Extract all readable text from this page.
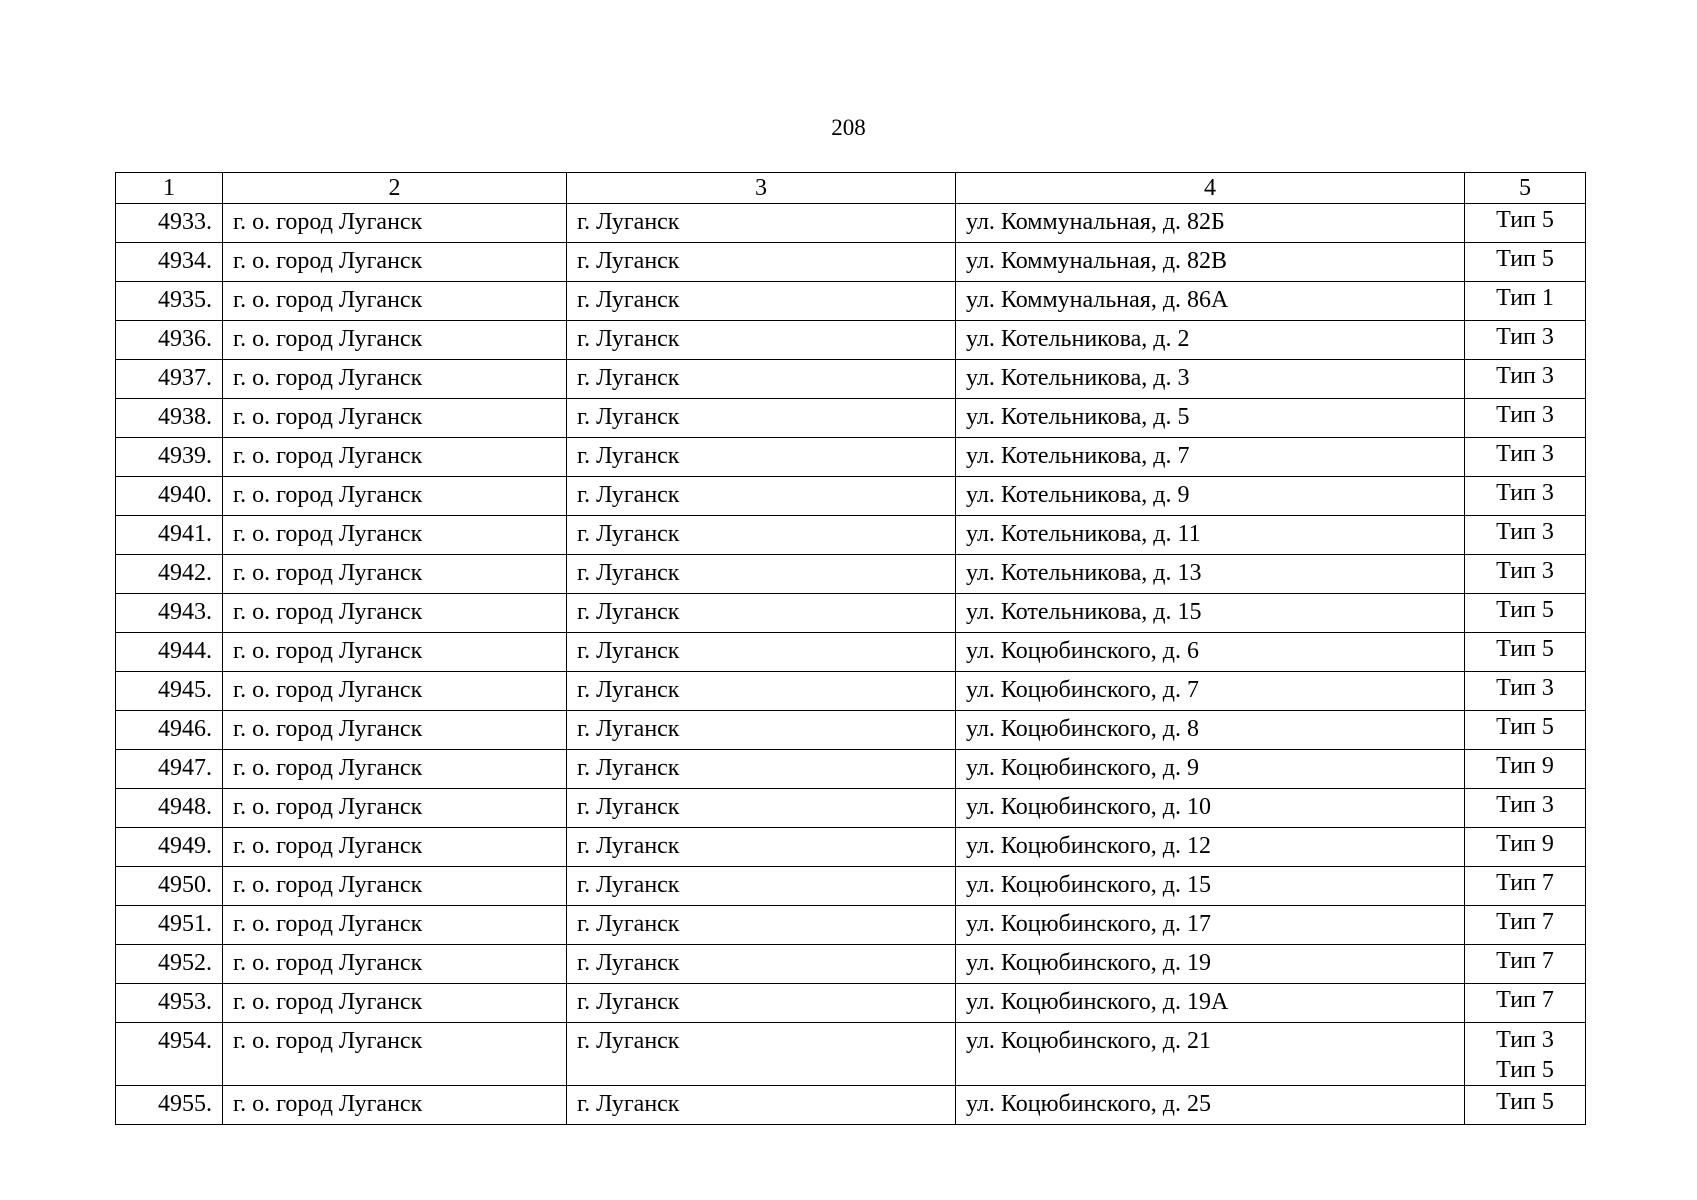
208
1	2	3	4	5
4933.	г. о. город Луганск	г. Луганск	ул. Коммунальная, д. 82Б	Тип 5

4934.	г. о. город Луганск	г. Луганск	ул. Коммунальная, д. 82В	Тип 5

4935.	г. о. город Луганск	г. Луганск	ул. Коммунальная, д. 86А	Тип 1

4936.	г. о. город Луганск	г. Луганск	ул. Котельникова, д. 2	Тип 3

4937.	г. о. город Луганск	г. Луганск	ул. Котельникова, д. 3	Тип 3

4938.	г. о. город Луганск	г. Луганск	ул. Котельникова, д. 5	Тип 3

4939.	г. о. город Луганск	г. Луганск	ул. Котельникова, д. 7	Тип 3

4940.	г. о. город Луганск	г. Луганск	ул. Котельникова, д. 9	Тип 3

4941.	г. о. город Луганск	г. Луганск	ул. Котельникова, д. 11	Тип 3

4942.	г. о. город Луганск	г. Луганск	ул. Котельникова, д. 13	Тип 3

4943.	г. о. город Луганск	г. Луганск	ул. Котельникова, д. 15	Тип 5

4944.	г. о. город Луганск	г. Луганск	ул. Коцюбинского, д. 6	Тип 5

4945.	г. о. город Луганск	г. Луганск	ул. Коцюбинского, д. 7	Тип 3

4946.	г. о. город Луганск	г. Луганск	ул. Коцюбинского, д. 8	Тип 5

4947.	г. о. город Луганск	г. Луганск	ул. Коцюбинского, д. 9	Тип 9

4948.	г. о. город Луганск	г. Луганск	ул. Коцюбинского, д. 10	Тип 3

4949.	г. о. город Луганск	г. Луганск	ул. Коцюбинского, д. 12	Тип 9

4950.	г. о. город Луганск	г. Луганск	ул. Коцюбинского, д. 15	Тип 7

4951.	г. о. город Луганск	г. Луганск	ул. Коцюбинского, д. 17	Тип 7

4952.	г. о. город Луганск	г. Луганск	ул. Коцюбинского, д. 19	Тип 7

4953.	г. о. город Луганск	г. Луганск	ул. Коцюбинского, д. 19А	Тип 7

4954.	г. о. город Луганск	г. Луганск	ул. Коцюбинского, д. 21	Тип 3
Тип 5

4955.	г. о. город Луганск	г. Луганск	ул. Коцюбинского, д. 25	Тип 5
